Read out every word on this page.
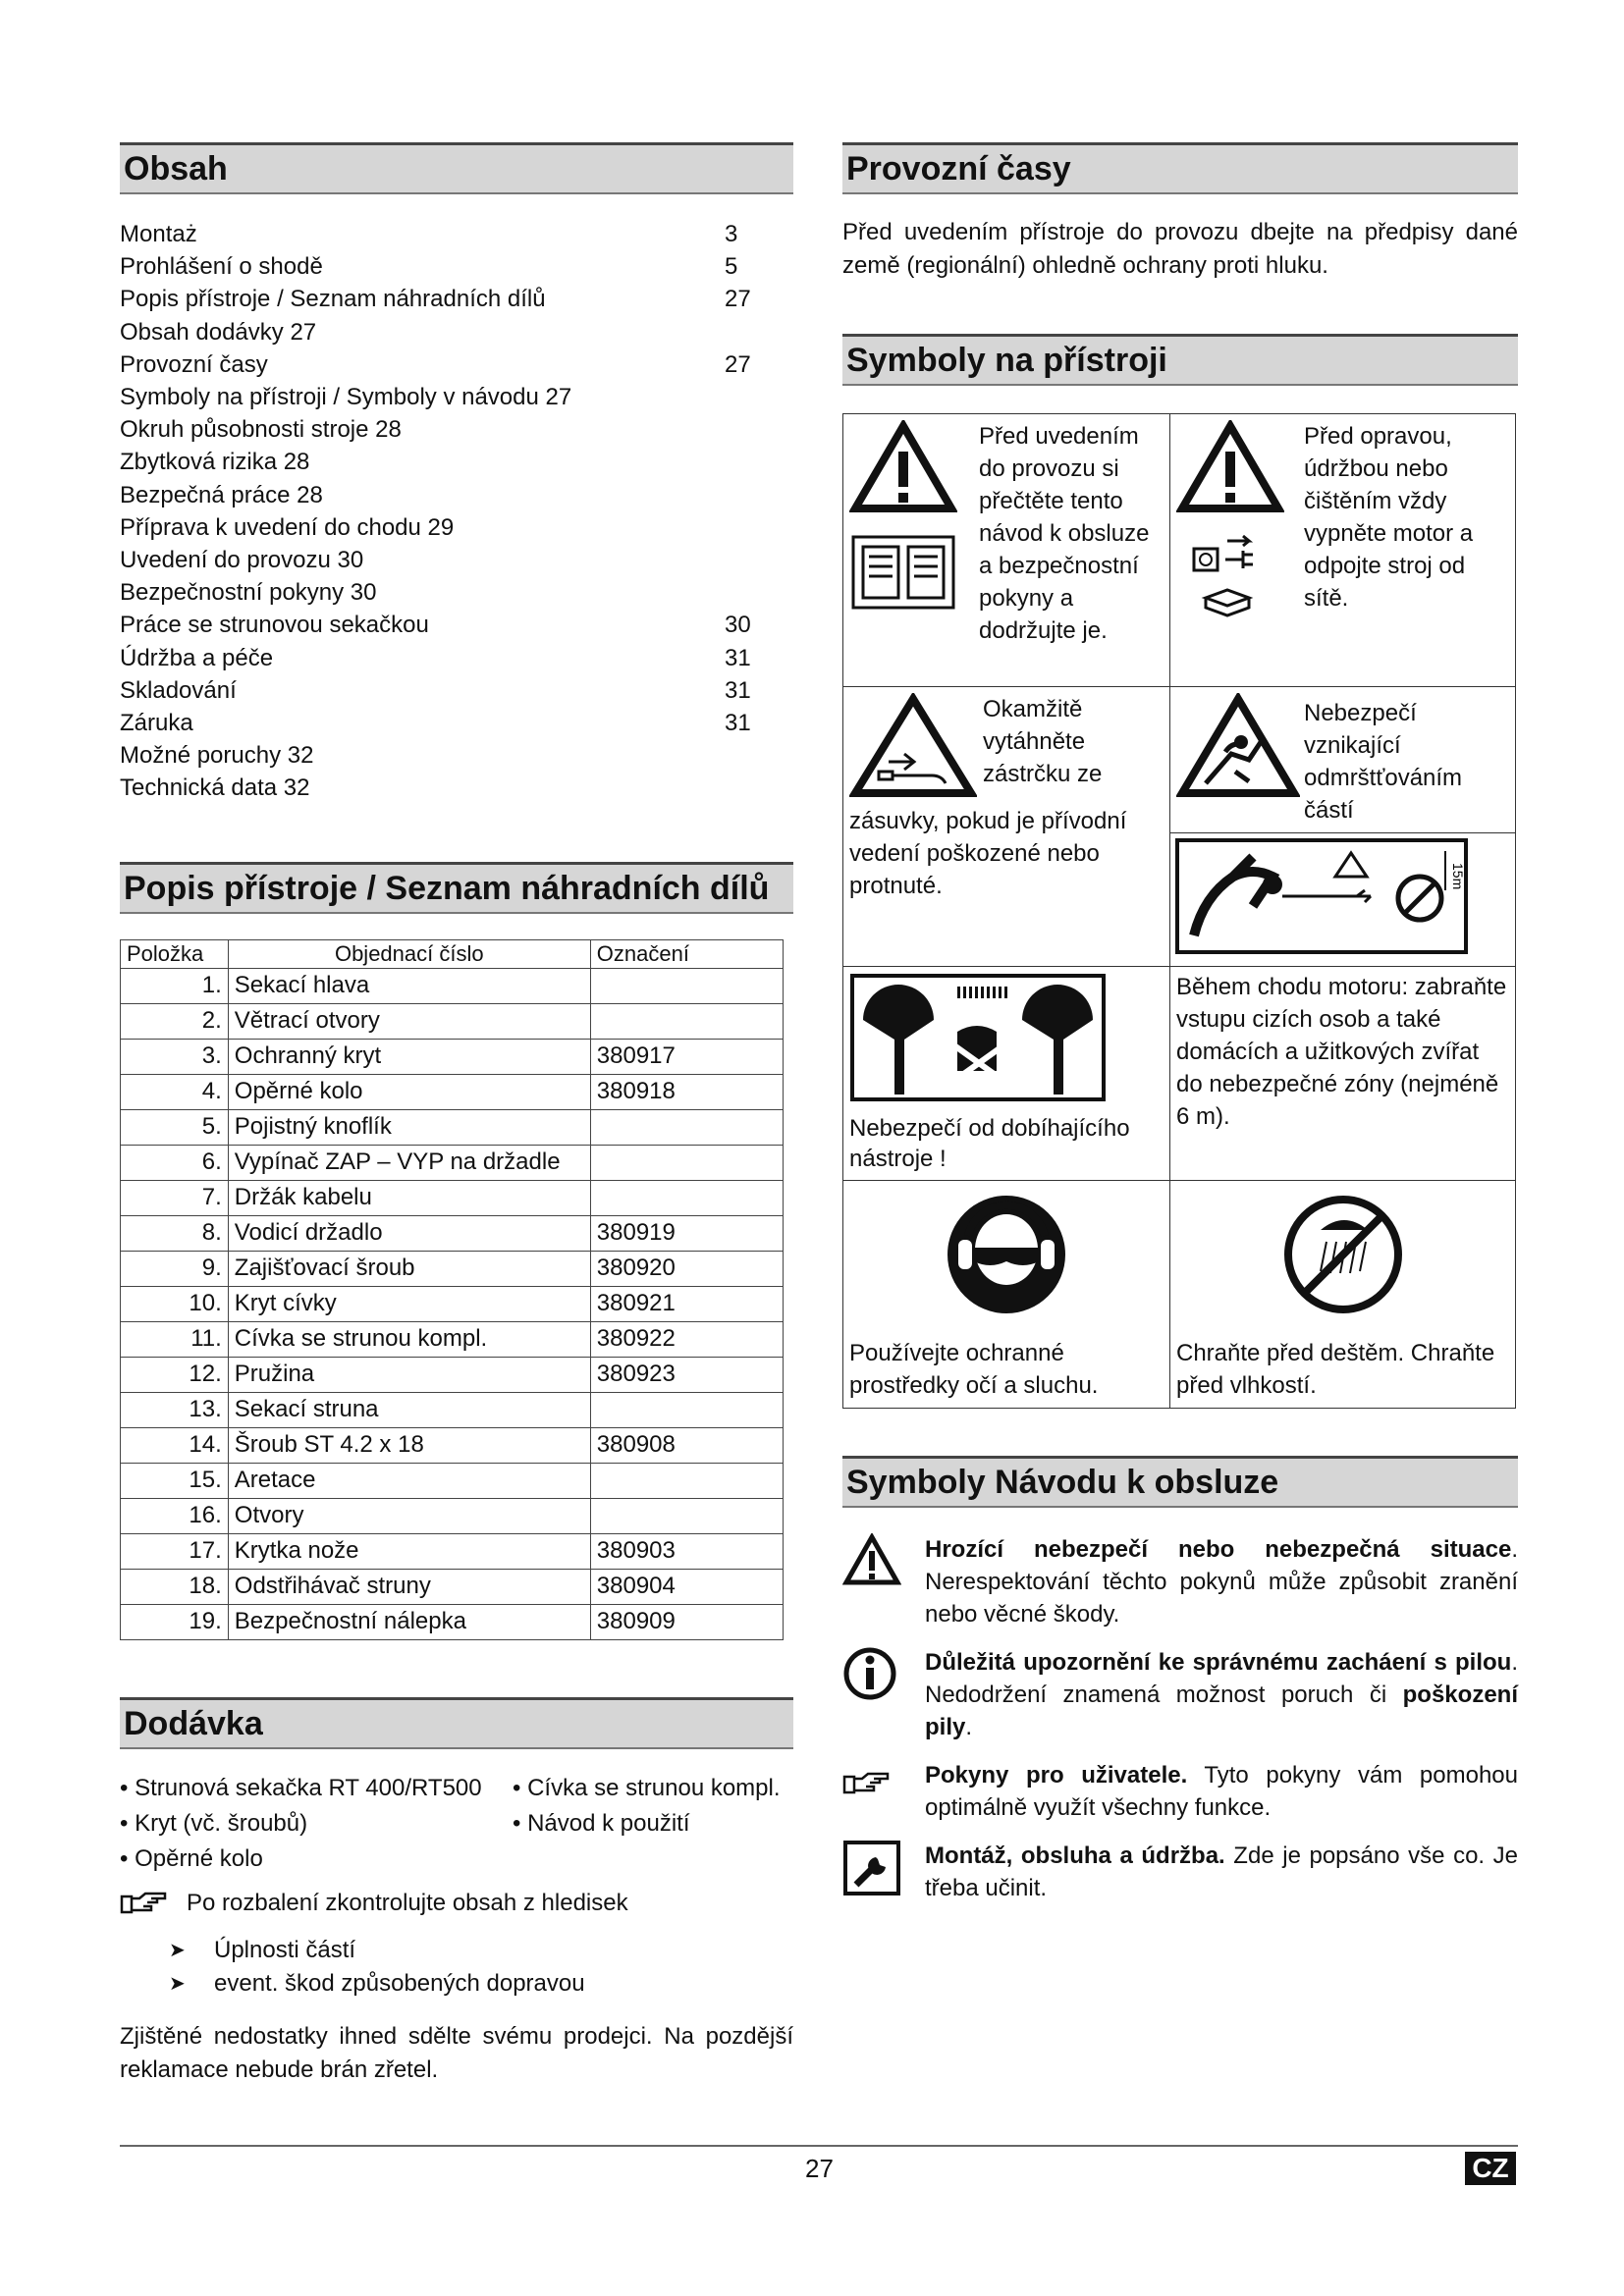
Obsah
Montaż	3
Prohlášení o shodě	5
Popis přístroje / Seznam náhradních dílů	27
Obsah dodávky 27
Provozní časy	27
Symboly na přístroji / Symboly v návodu 27
Okruh působnosti stroje 28
Zbytková rizika 28
Bezpečná práce 28
Příprava k uvedení do chodu 29
Uvedení do provozu 30
Bezpečnostní pokyny 30
Práce se strunovou sekačkou	30
Údržba a péče	31
Skladování	31
Záruka	31
Možné poruchy 32
Technická data 32
Popis přístroje / Seznam náhradních dílů
Položka	Objednací číslo	Označení
1.	Sekací hlava	
2.	Větrací otvory	
3.	Ochranný kryt	380917
4.	Opěrné kolo	380918
5.	Pojistný knoflík	
6.	Vypínač ZAP – VYP na držadle	
7.	Držák kabelu	
8.	Vodicí držadlo	380919
9.	Zajišťovací šroub	380920
10.	Kryt cívky	380921
11.	Cívka se strunou kompl.	380922
12.	Pružina	380923
13.	Sekací struna	
14.	Šroub ST 4.2 x 18	380908
15.	Aretace	
16.	Otvory	
17.	Krytka nože	380903
18.	Odstřihávač struny	380904
19.	Bezpečnostní nálepka	380909
Dodávka
• Strunová sekačka RT 400/RT500	• Cívka se strunou kompl.
• Kryt (vč. šroubů)	• Návod k použití
• Opěrné kolo
Po rozbalení zkontrolujte obsah z hledisek
➤	Úplnosti částí
➤	event. škod způsobených dopravou

Zjištěné nedostatky ihned sdělte svému prodejci. Na pozdější reklamace nebude brán zřetel.

Provozní časy

Před uvedením přístroje do provozu dbejte na předpisy dané země (regionální) ohledně ochrany proti hluku.

Symboly na přístroji

Před uvedením do provozu si přečtěte tento návod k obsluze a bezpečnostní pokyny a dodržujte je.	Před opravou, údržbou nebo čištěním vždy vypněte motor a odpojte stroj od sítě.

Okamžitě vytáhněte zástrčku ze
zásuvky, pokud je přívodní vedení poškozené nebo protnuté.	Nebezpečí vznikající odmrštťováním částí

15m

Nebezpečí od dobíhajícího nástroje !	Během chodu motoru: zabraňte vstupu cizích osob a také domácích a užitkových zvířat do nebezpečné zóny (nejméně 6 m).

Používejte ochranné prostředky očí a sluchu.	Chraňte před deštěm. Chraňte před vlhkostí.
Symboly Návodu k obsluze
Hrozící nebezpečí nebo nebezpečná situace. Nerespektování těchto pokynů může způsobit zranění nebo věcné škody.
Důležitá upozornění ke správnému zacháení s pilou. Nedodržení znamená možnost poruch či poškození pily.
Pokyny pro uživatele. Tyto pokyny vám pomohou optimálně využít všechny funkce.
Montáž, obsluha a údržba. Zde je popsáno vše co. Je třeba učinit.
27	CZ
